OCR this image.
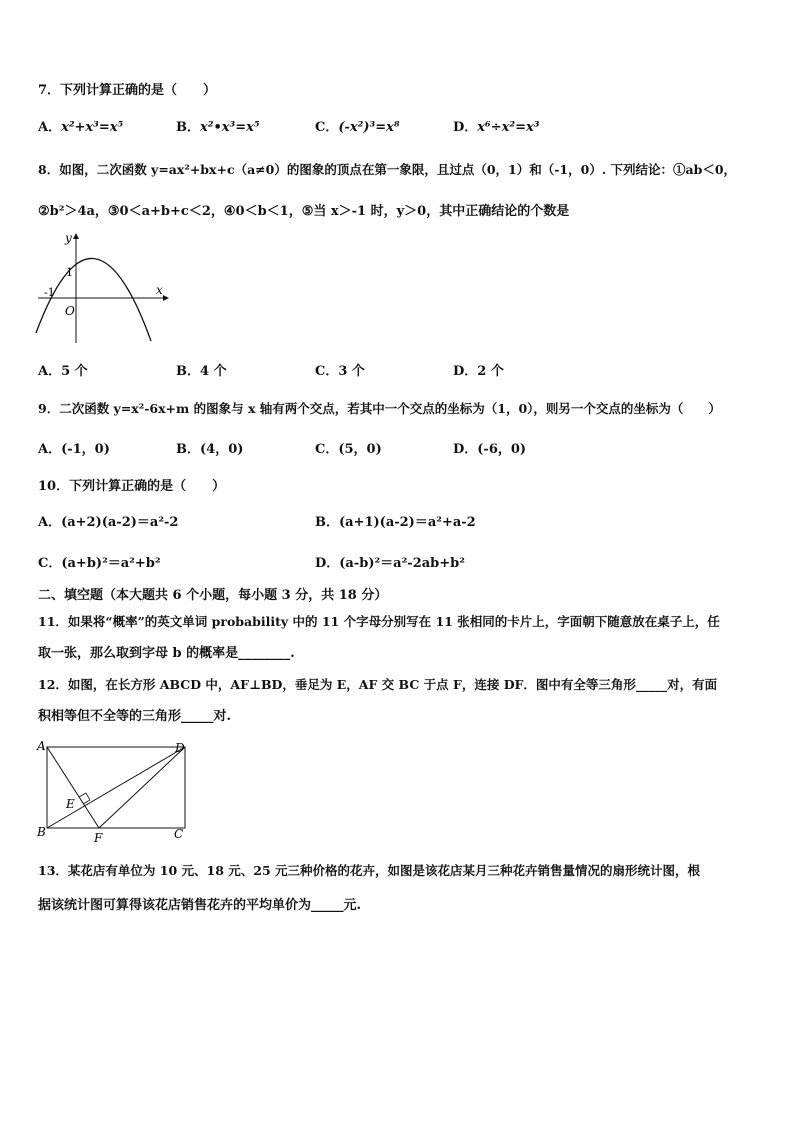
7．下列计算正确的是（　　）
A．x²+x³=x⁵	B．x²•x³=x⁵	C．(-x²)³=x⁸	D．x⁶÷x²=x³
8．如图，二次函数 y=ax²+bx+c（a≠0）的图象的顶点在第一象限，且过点（0，1）和（-1，0）. 下列结论：①ab＜0，
②b²＞4a，③0＜a+b+c＜2，④0＜b＜1，⑤当 x＞-1 时，y＞0，其中正确结论的个数是
y
x
1
-1
O
A．5 个	B．4 个	C．3 个	D．2 个
9．二次函数 y=x²-6x+m 的图象与 x 轴有两个交点，若其中一个交点的坐标为（1，0），则另一个交点的坐标为（　　）
A．(-1，0)	B．(4，0)	C．(5，0)	D．(-6，0)
10．下列计算正确的是（　　）
A．(a+2)(a-2)＝a²-2	B．(a+1)(a-2)＝a²+a-2
C．(a+b)²＝a²+b²	D．(a-b)²＝a²-2ab+b²
二、填空题（本大题共 6 个小题，每小题 3 分，共 18 分）
11．如果将“概率”的英文单词 probability 中的 11 个字母分别写在 11 张相同的卡片上，字面朝下随意放在桌子上，任
取一张，那么取到字母 b 的概率是________.
12．如图，在长方形 ABCD 中，AF⊥BD，垂足为 E，AF 交 BC 于点 F，连接 DF．图中有全等三角形_____对，有面
积相等但不全等的三角形_____对.
A	D
B	C
E
F
13．某花店有单位为 10 元、18 元、25 元三种价格的花卉，如图是该花店某月三种花卉销售量情况的扇形统计图，根
据该统计图可算得该花店销售花卉的平均单价为_____元.
